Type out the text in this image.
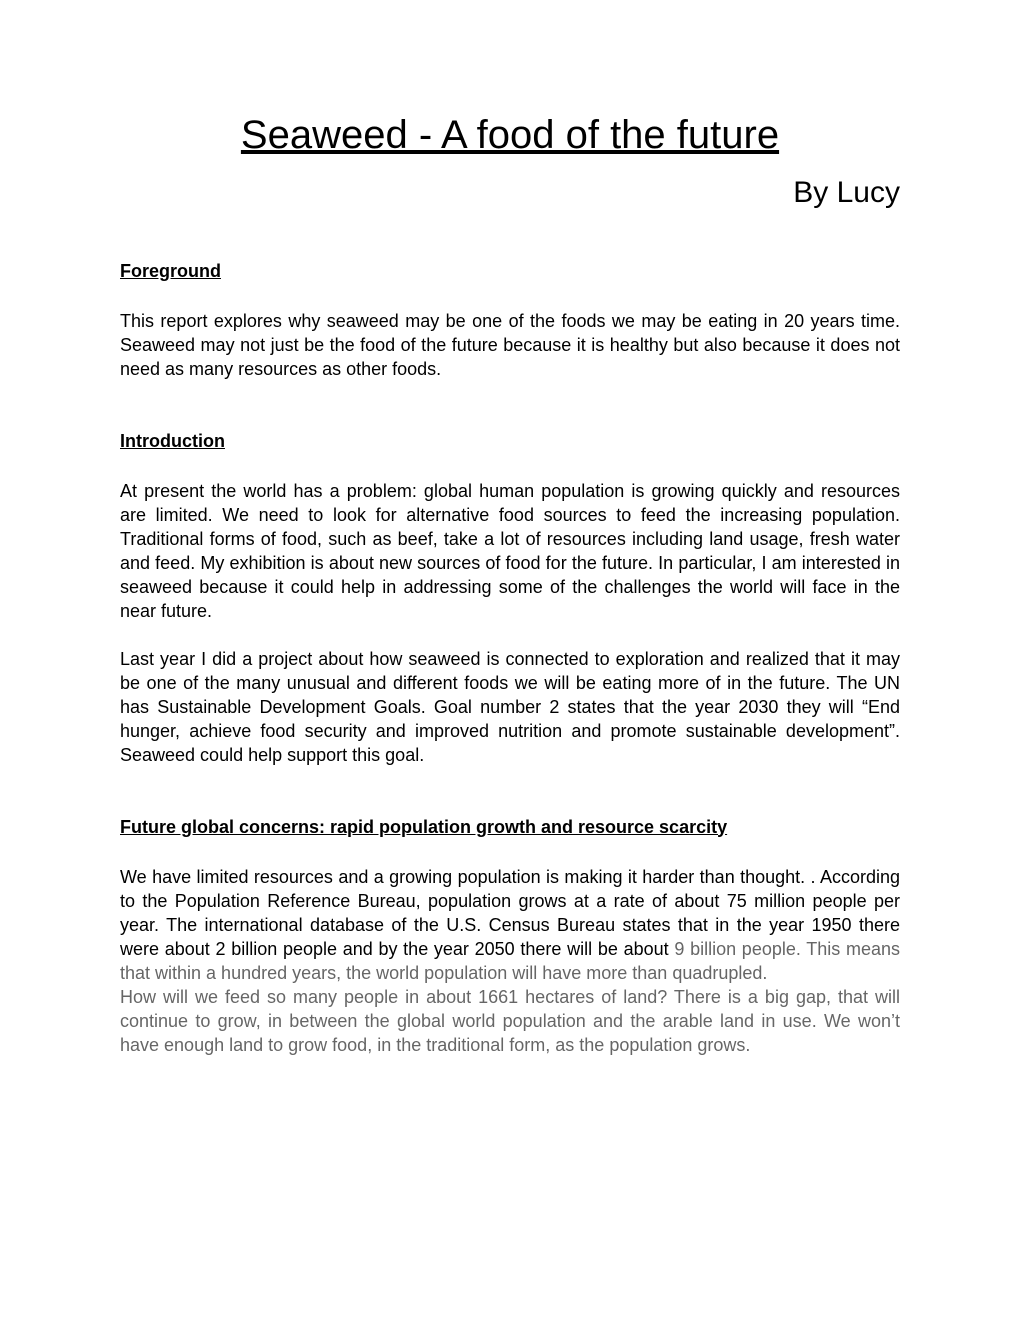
Seaweed - A food of the future
By Lucy
Foreground

This report explores why seaweed may be one of the foods we may be eating in 20 years time. Seaweed may not just be the food of the future because it is healthy but also because it does not need as many resources as other foods.

Introduction

At present the world has a problem: global human population is growing quickly and resources are limited. We need to look for alternative food sources to feed the increasing population. Traditional forms of food, such as beef, take a lot of resources including land usage, fresh water and feed. My exhibition is about new sources of food for the future. In particular, I am interested in seaweed because it could help in addressing some of the challenges the world will face in the near future.

Last year I did a project about how seaweed is connected to exploration and realized that it may be one of the many unusual and different foods we will be eating more of in the future. The UN has Sustainable Development Goals. Goal number 2 states that the year 2030 they will “End hunger, achieve food security and improved nutrition and promote sustainable development”. Seaweed could help support this goal.

Future global concerns: rapid population growth and resource scarcity

We have limited resources and a growing population is making it harder than thought. . According to the Population Reference Bureau, population grows at a rate of about 75 million people per year. The international database of the U.S. Census Bureau states that in the year 1950 there were about 2 billion people and by the year 2050 there will be about 9 billion people. This means that within a hundred years, the world population will have more than quadrupled.

How will we feed so many people in about 1661 hectares of land? There is a big gap, that will continue to grow, in between the global world population and the arable land in use. We won’t have enough land to grow food, in the traditional form, as the population grows.
